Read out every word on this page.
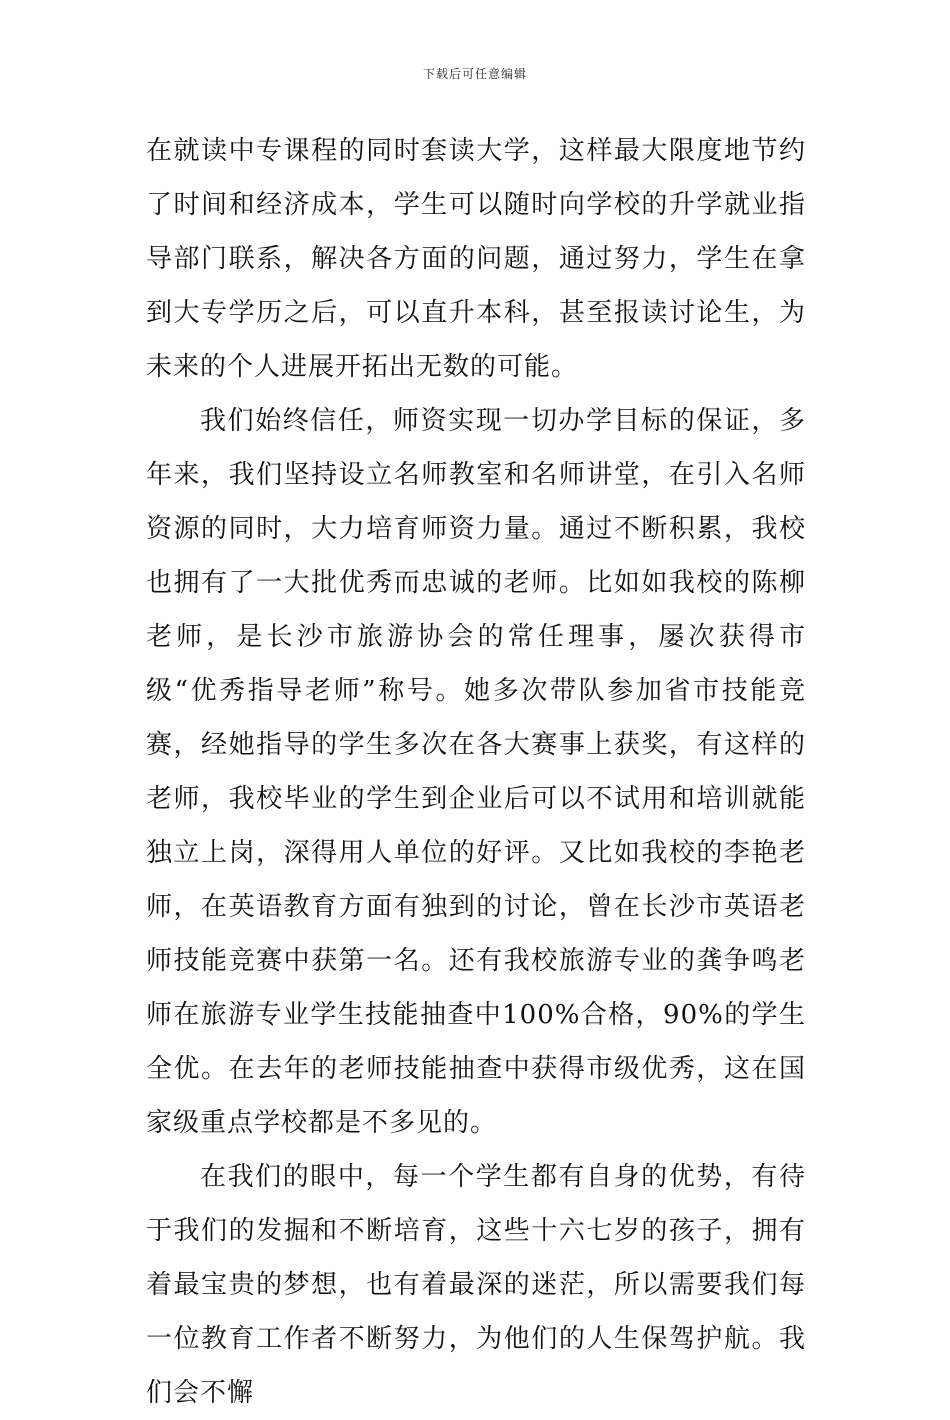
下载后可任意编辑

在就读中专课程的同时套读大学，这样最大限度地节约了时间和经济成本，学生可以随时向学校的升学就业指导部门联系，解决各方面的问题，通过努力，学生在拿到大专学历之后，可以直升本科，甚至报读讨论生，为未来的个人进展开拓出无数的可能。

我们始终信任，师资实现一切办学目标的保证，多年来，我们坚持设立名师教室和名师讲堂，在引入名师资源的同时，大力培育师资力量。通过不断积累，我校也拥有了一大批优秀而忠诚的老师。比如如我校的陈柳老师，是长沙市旅游协会的常任理事，屡次获得市级“优秀指导老师”称号。她多次带队参加省市技能竞赛，经她指导的学生多次在各大赛事上获奖，有这样的老师，我校毕业的学生到企业后可以不试用和培训就能独立上岗，深得用人单位的好评。又比如我校的李艳老师，在英语教育方面有独到的讨论，曾在长沙市英语老师技能竞赛中获第一名。还有我校旅游专业的龚争鸣老师在旅游专业学生技能抽查中100%合格，90%的学生全优。在去年的老师技能抽查中获得市级优秀，这在国家级重点学校都是不多见的。

在我们的眼中，每一个学生都有自身的优势，有待于我们的发掘和不断培育，这些十六七岁的孩子，拥有着最宝贵的梦想，也有着最深的迷茫，所以需要我们每一位教育工作者不断努力，为他们的人生保驾护航。我们会不懈
